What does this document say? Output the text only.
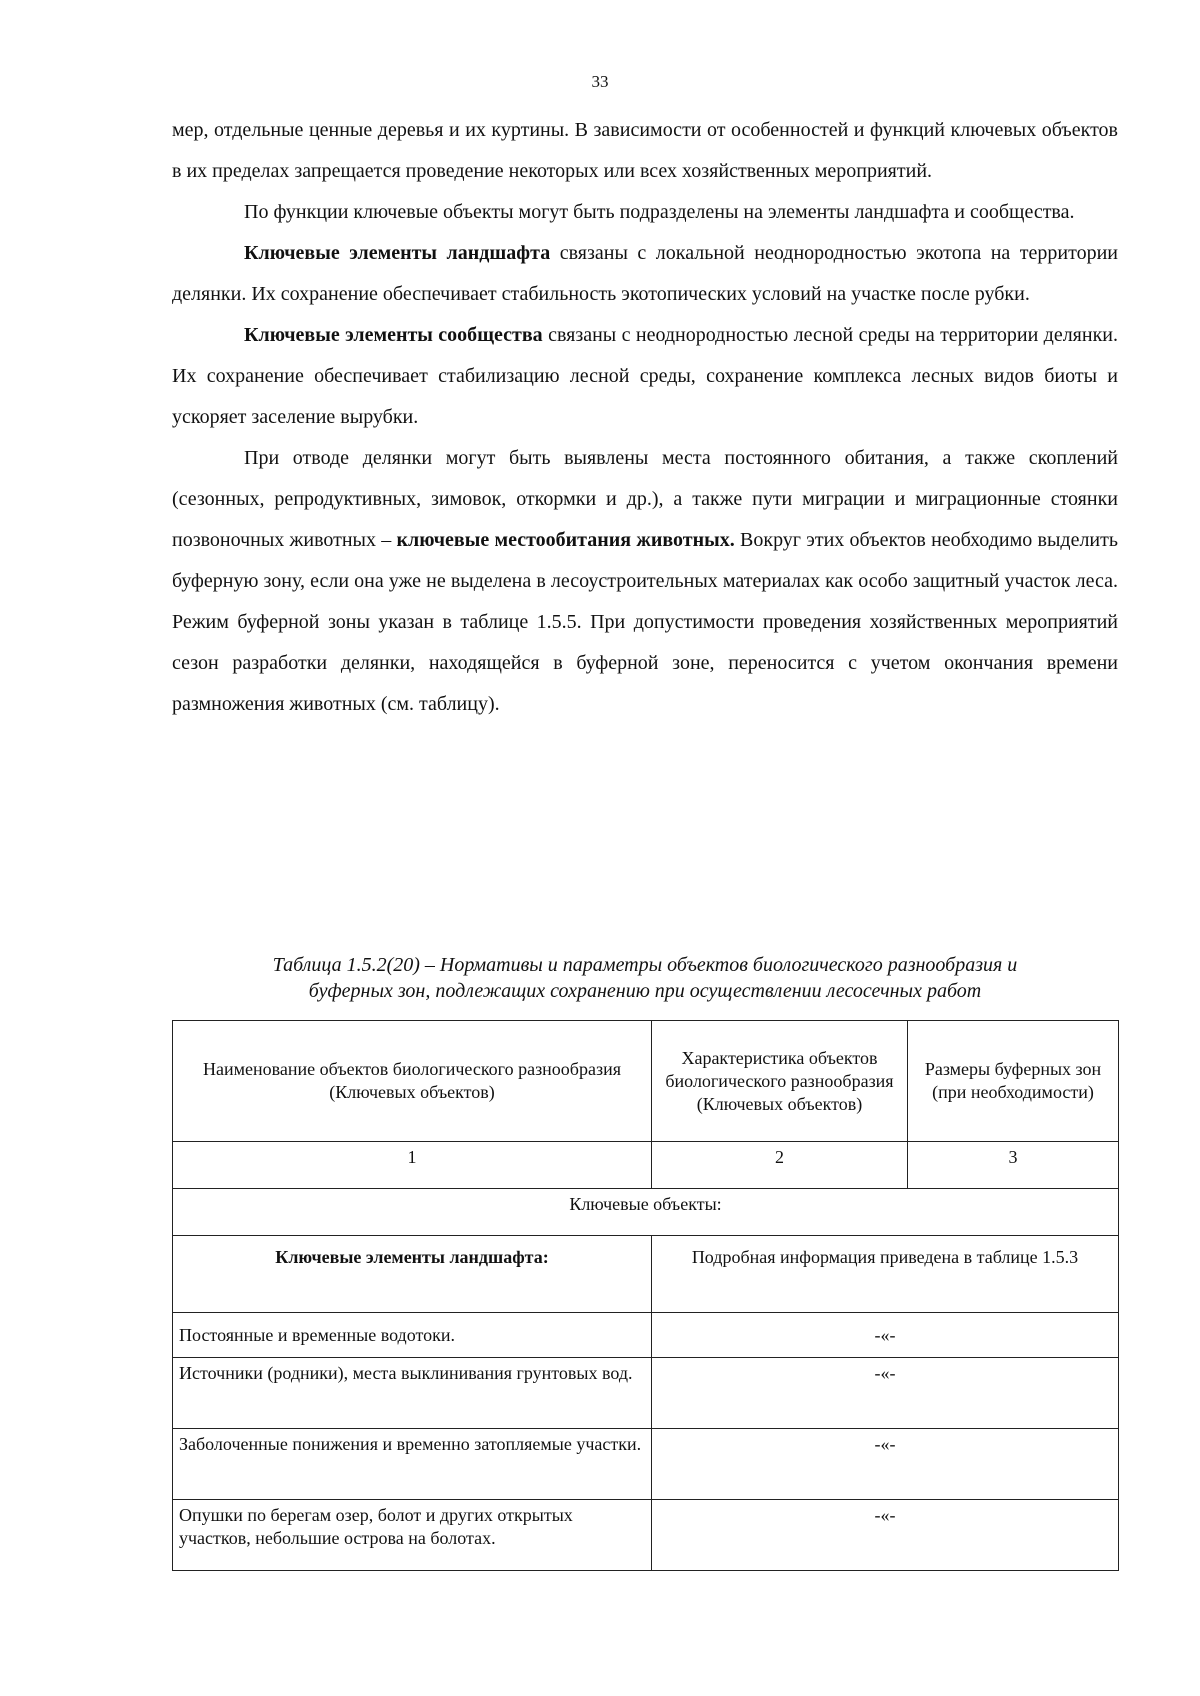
33

мер, отдельные ценные деревья и их куртины. В зависимости от особенностей и функций ключевых объектов в их пределах запрещается проведение некоторых или всех хозяйственных мероприятий.

По функции ключевые объекты могут быть подразделены на элементы ландшафта и сообщества.

Ключевые элементы ландшафта связаны с локальной неоднородностью экотопа на территории делянки. Их сохранение обеспечивает стабильность экотопических условий на участке после рубки.

Ключевые элементы сообщества связаны с неоднородностью лесной среды на территории делянки. Их сохранение обеспечивает стабилизацию лесной среды, сохранение комплекса лесных видов биоты и ускоряет заселение вырубки.

При отводе делянки могут быть выявлены места постоянного обитания, а также скоплений (сезонных, репродуктивных, зимовок, откормки и др.), а также пути миграции и миграционные стоянки позвоночных животных – ключевые местообитания животных. Вокруг этих объектов необходимо выделить буферную зону, если она уже не выделена в лесоустроительных материалах как особо защитный участок леса. Режим буферной зоны указан в таблице 1.5.5. При допустимости проведения хозяйственных мероприятий сезон разработки делянки, находящейся в буферной зоне, переносится с учетом окончания времени размножения животных (см. таблицу).

Таблица 1.5.2(20) – Нормативы и параметры объектов биологического разнообразия и
буферных зон, подлежащих сохранению при осуществлении лесосечных работ
Наименование объектов биологического разнообразия (Ключевых объектов)	Характеристика объектов биологического разнообразия (Ключевых объектов)	Размеры буферных зон (при необходимости)
1	2	3
Ключевые объекты:		
Ключевые элементы ландшафта:	Подробная информация приведена в таблице 1.5.3	
Постоянные и временные водотоки.	-«-	
Источники (родники), места выклинивания грунтовых вод.	-«-	
Заболоченные понижения и временно затопляемые участки.	-«-	
Опушки по берегам озер, болот и других открытых участков, небольшие острова на болотах.	-«-	
